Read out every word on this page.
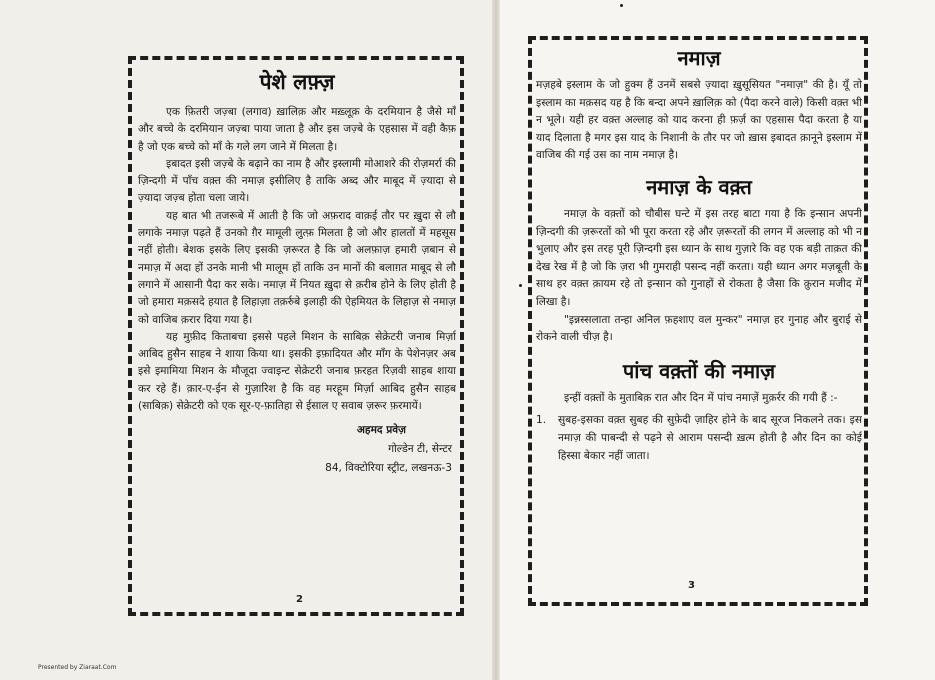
पेशे लफ़्ज़

एक फ़ितरी जज़्बा (लगाव) ख़ालिक़ और मख़्लूक़ के दरमियान है जैसे माँ और बच्चे के दरमियान जज़्बा पाया जाता है और इस जज़्बे के एहसास में वही कैफ़ है जो एक बच्चे को माँ के गले लग जाने में मिलता है।

इबादत इसी जज़्बे के बढ़ाने का नाम है और इस्लामी मोआशरे की रोज़मर्रा की ज़िन्दगी में पाँच वक़्त की नमाज़ इसीलिए है ताकि अब्द और माबूद में ज़्यादा से ज़्यादा जज़्ब होता चला जाये।

यह बात भी तजरूबे में आती है कि जो अफ़राद वाक़ई तौर पर ख़ुदा से लौ लगाके नमाज़ पढ़ते हैं उनको ग़ैर मामूली लुत्फ़ मिलता है जो और हालतों में महसूस नहीं होती। बेशक इसके लिए इसकी ज़रूरत है कि जो अलफ़ाज़ हमारी ज़बान से नमाज़ में अदा हों उनके मानी भी मालूम हों ताकि उन मानों की बलाग़त माबूद से लौ लगाने में आसानी पैदा कर सके। नमाज़ में नियत ख़ुदा से क़रीब होने के लिए होती है जो हमारा मक़सदे हयात है लिहाज़ा तक़र्रुबे इलाही की ऐहमियत के लिहाज़ से नमाज़ को वाजिब क़रार दिया गया है।

यह मुफ़ीद किताबचा इससे पहले मिशन के साबिक़ सेक्रेटरी जनाब मिर्ज़ा आबिद हुसैन साहब ने शाया किया था। इसकी इफ़ादियत और माँग के पेशेनज़र अब इसे इमामिया मिशन के मौजूदा ज्वाइन्ट सेक्रेटरी जनाब फ़रहत रिज़वी साहब शाया कर रहे हैं। क़ार-ए-ईन से गुज़ारिश है कि वह मरहूम मिर्ज़ा आबिद हुसैन साहब (साबिक़) सेक्रेटरी को एक सूर-ए-फ़ातिहा से ईसाल ए सवाब ज़रूर फ़रमायें।

अहमद प्रवेज़
गोल्डेन टी, सेन्टर
84, विक्टोरिया स्ट्रीट, लखनऊ-3
2
नमाज़

मज़हबे इस्लाम के जो हुक्म हैं उनमें सबसे ज़्यादा ख़ुसूसियत "नमाज़" की है। यूँ तो इस्लाम का मक़सद यह है कि बन्दा अपने ख़ालिक़ को (पैदा करने वाले) किसी वक़्त भी न भूले। यही हर वक़्त अल्लाह को याद करना ही फ़र्ज़ का एहसास पैदा करता है या याद दिलाता है मगर इस याद के निशानी के तौर पर जो ख़ास इबादत क़ानूने इस्लाम में वाजिब की गई उस का नाम नमाज़ है।

नमाज़ के वक़्त

नमाज़ के वक़्तों को चौबीस घन्टे में इस तरह बाटा गया है कि इन्सान अपनी ज़िन्दगी की ज़रूरतों को भी पूरा करता रहे और ज़रूरतों की लगन में अल्लाह को भी न भुलाए और इस तरह पूरी ज़िन्दगी इस ध्यान के साथ गुज़ारे कि वह एक बड़ी ताक़त की देख रेख में है जो कि ज़रा भी गुमराही पसन्द नहीं करता। यही ध्यान अगर मज़बूती के साथ हर वक़्त क़ायम रहे तो इन्सान को गुनाहों से रोकता है जैसा कि क़ुरान मजीद में लिखा है।

"इन्नस्सलाता तन्हा अनिल फ़हशाए वल मुन्कर" नमाज़ हर गुनाह और बुराई से रोकने वाली चीज़ है।

पांच वक़्तों की नमाज़

इन्हीं वक़्तों के मुताबिक़ रात और दिन में पांच नमाज़ें मुक़र्रर की गयी हैं :-

1.	सुबह-इसका वक़्त सुबह की सुफ़ेदी ज़ाहिर होने के बाद सूरज निकलने तक। इस नमाज़ की पाबन्दी से पढ़ने से आराम पसन्दी ख़त्म होती है और दिन का कोई हिस्सा बेकार नहीं जाता।
3
Presented by Ziaraat.Com
